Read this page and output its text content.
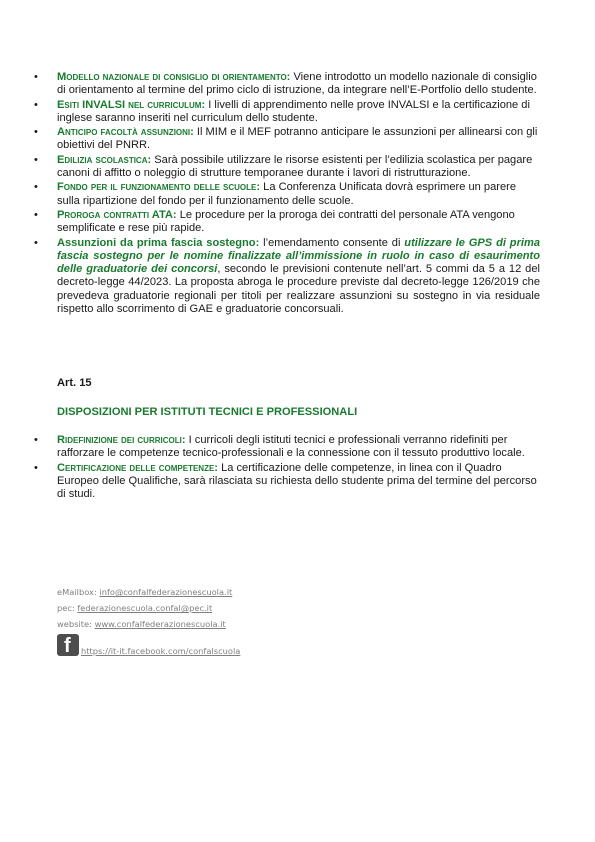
• Modello nazionale di consiglio di orientamento: Viene introdotto un modello nazionale di consiglio di orientamento al termine del primo ciclo di istruzione, da integrare nell’E-Portfolio dello studente.
• Esiti INVALSI nel curriculum: I livelli di apprendimento nelle prove INVALSI e la certificazione di inglese saranno inseriti nel curriculum dello studente.
• Anticipo facoltà assunzioni: Il MIM e il MEF potranno anticipare le assunzioni per allinearsi con gli obiettivi del PNRR.
• Edilizia scolastica: Sarà possibile utilizzare le risorse esistenti per l’edilizia scolastica per pagare canoni di affitto o noleggio di strutture temporanee durante i lavori di ristrutturazione.
• Fondo per il funzionamento delle scuole: La Conferenza Unificata dovrà esprimere un parere sulla ripartizione del fondo per il funzionamento delle scuole.
• Proroga contratti ATA: Le procedure per la proroga dei contratti del personale ATA vengono semplificate e rese più rapide.
• Assunzioni da prima fascia sostegno: l’emendamento consente di utilizzare le GPS di prima fascia sostegno per le nomine finalizzate all’immissione in ruolo in caso di esaurimento delle graduatorie dei concorsi, secondo le previsioni contenute nell’art. 5 commi da 5 a 12 del decreto-legge 44/2023. La proposta abroga le procedure previste dal decreto-legge 126/2019 che prevedeva graduatorie regionali per titoli per realizzare assunzioni su sostegno in via residuale rispetto allo scorrimento di GAE e graduatorie concorsuali.
Art. 15
DISPOSIZIONI PER ISTITUTI TECNICI E PROFESSIONALI
• Ridefinizione dei curricoli: I curricoli degli istituti tecnici e professionali verranno ridefiniti per rafforzare le competenze tecnico-professionali e la connessione con il tessuto produttivo locale.
• Certificazione delle competenze: La certificazione delle competenze, in linea con il Quadro Europeo delle Qualifiche, sarà rilasciata su richiesta dello studente prima del termine del percorso di studi.
eMailbox: info@confalfederazionescuola.it
pec: federazionescuola.confal@pec.it
website: www.confalfederazionescuola.it
f https://it-it.facebook.com/confalscuola
